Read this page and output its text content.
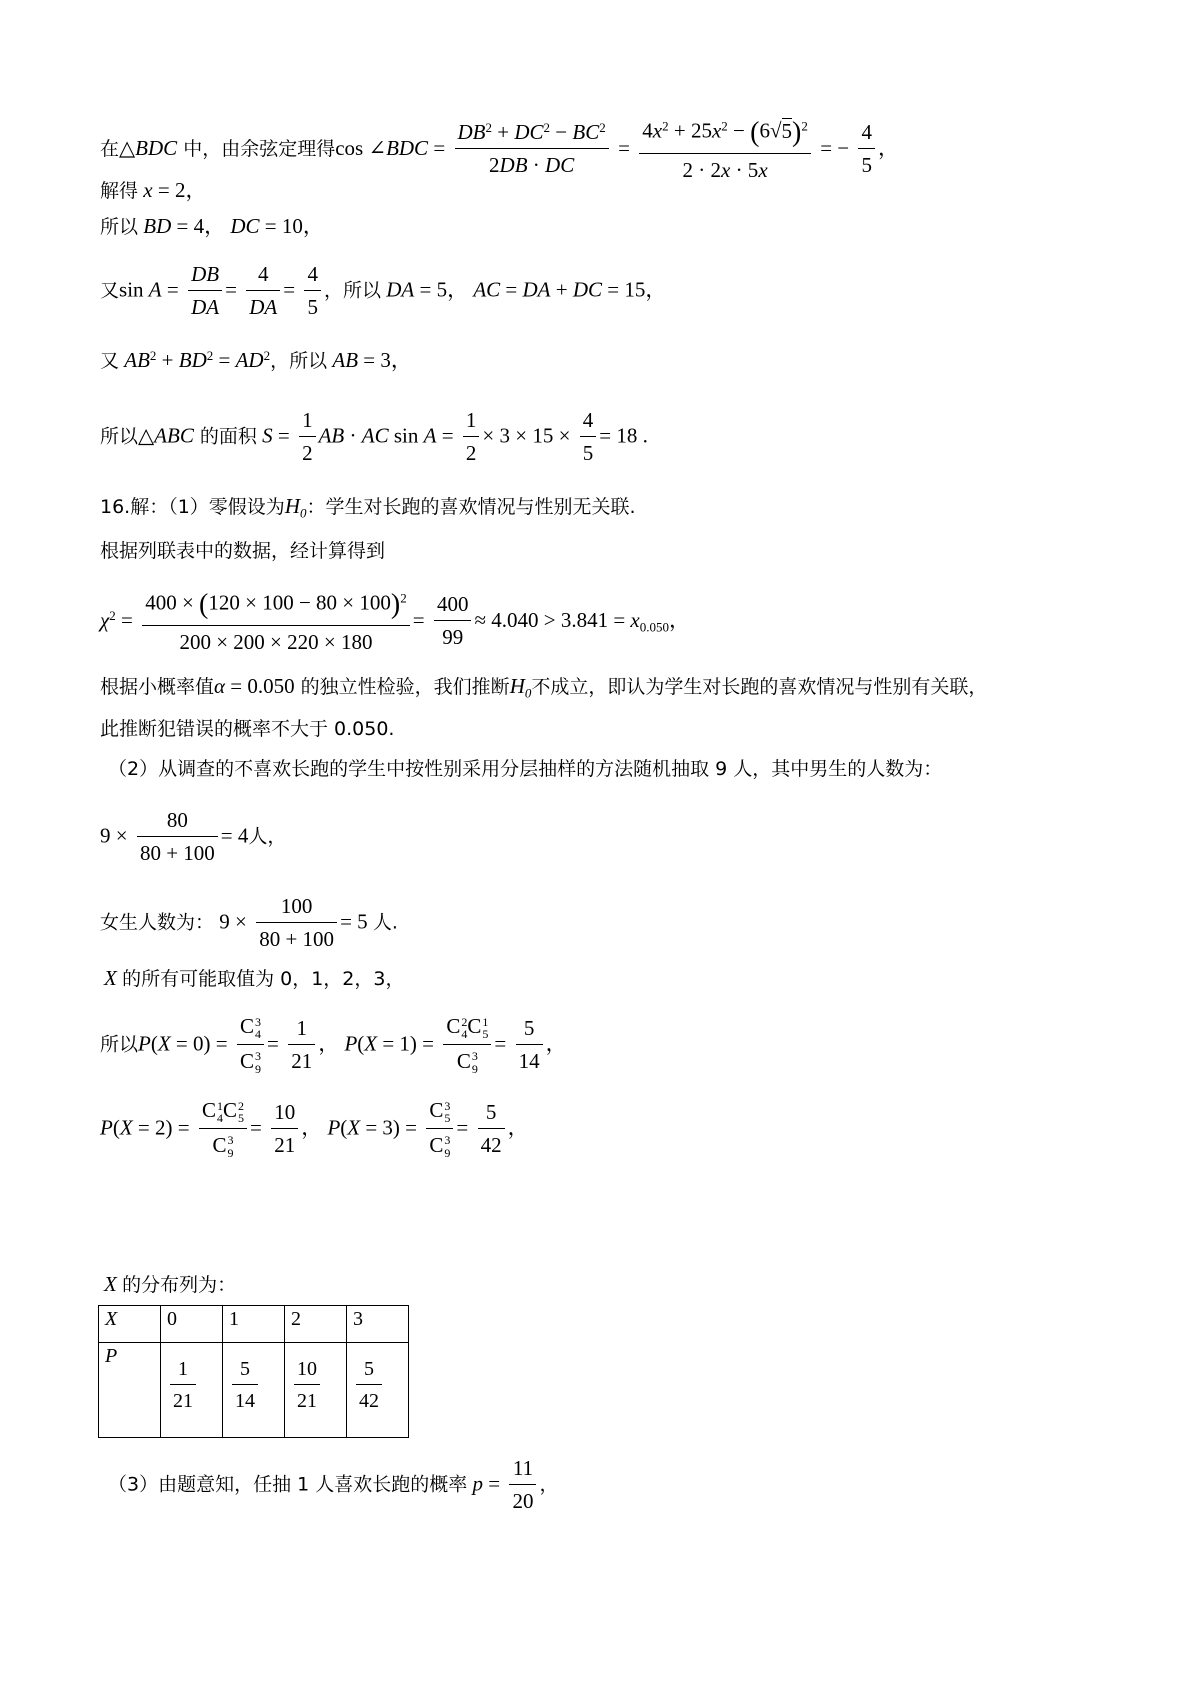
在△BDC 中，由余弦定理得cos ∠BDC = $\frac{DB^2 + DC^2 - BC^2}{2DB \cdot DC} = \frac{4x^2 + 25x^2 - (6√5)^2}{2 \cdot 2x \cdot 5x}$ = − $\frac{4}{5}$ ，
解得 x = 2，
所以 BD = 4， DC = 10，
又$\sin A = \frac{DB}{DA} = \frac{4}{DA} = \frac{4}{5}$ ，所以 DA = 5， AC = DA + DC = 15，
又 $AB^2 + BD^2 = AD^2$，所以 AB = 3，
所以△ABC 的面积 $S = \frac{1}{2}$ AB · AC $\sin A = \frac{1}{2} \times 3 \times 15 \times \frac{4}{5} = 18$ .
16.解：（1）零假设为$H_0$：学生对长跑的喜欢情况与性别无关联.
根据列联表中的数据，经计算得到
$\chi^2 = \frac{400 \times (120 \times 100 - 80 \times 100)^2}{200 \times 200 \times 220 \times 180} = \frac{400}{99} \approx 4.040 > 3.841 = x_{0.050}$，
根据小概率值α = 0.050 的独立性检验，我们推断$H_0$不成立，即认为学生对长跑的喜欢情况与性别有关联，
此推断犯错误的概率不大于 0.050.
（2）从调查的不喜欢长跑的学生中按性别采用分层抽样的方法随机抽取 9 人，其中男生的人数为：
$9 \times \frac{80}{80 + 100} = 4$人，
女生人数为： $9 \times \frac{100}{80 + 100} = 5$ 人.
X 的所有可能取值为 0，1，2，3，
所以P(X = 0) = C 3
4
C 3
$9 = \frac{1}{21}$ ， P(X = 1) = C 2
4 C 1
5
C 3
$9 = \frac{5}{14}$ ，
P(X = 2) = C 1
4 C 2
5
C 3
$9 = \frac{10}{21}$ ， P(X = 3) = C 3
5
C 3
$9 = \frac{5}{42}$ ，
X 的分布列为：
X	0	1	2	3
P	$\frac{1}{21}$	$\frac{5}{14}$	$\frac{10}{21}$	$\frac{5}{42}$
（3）由题意知，任抽 1 人喜欢长跑的概率 $p = \frac{11}{20}$ ，
